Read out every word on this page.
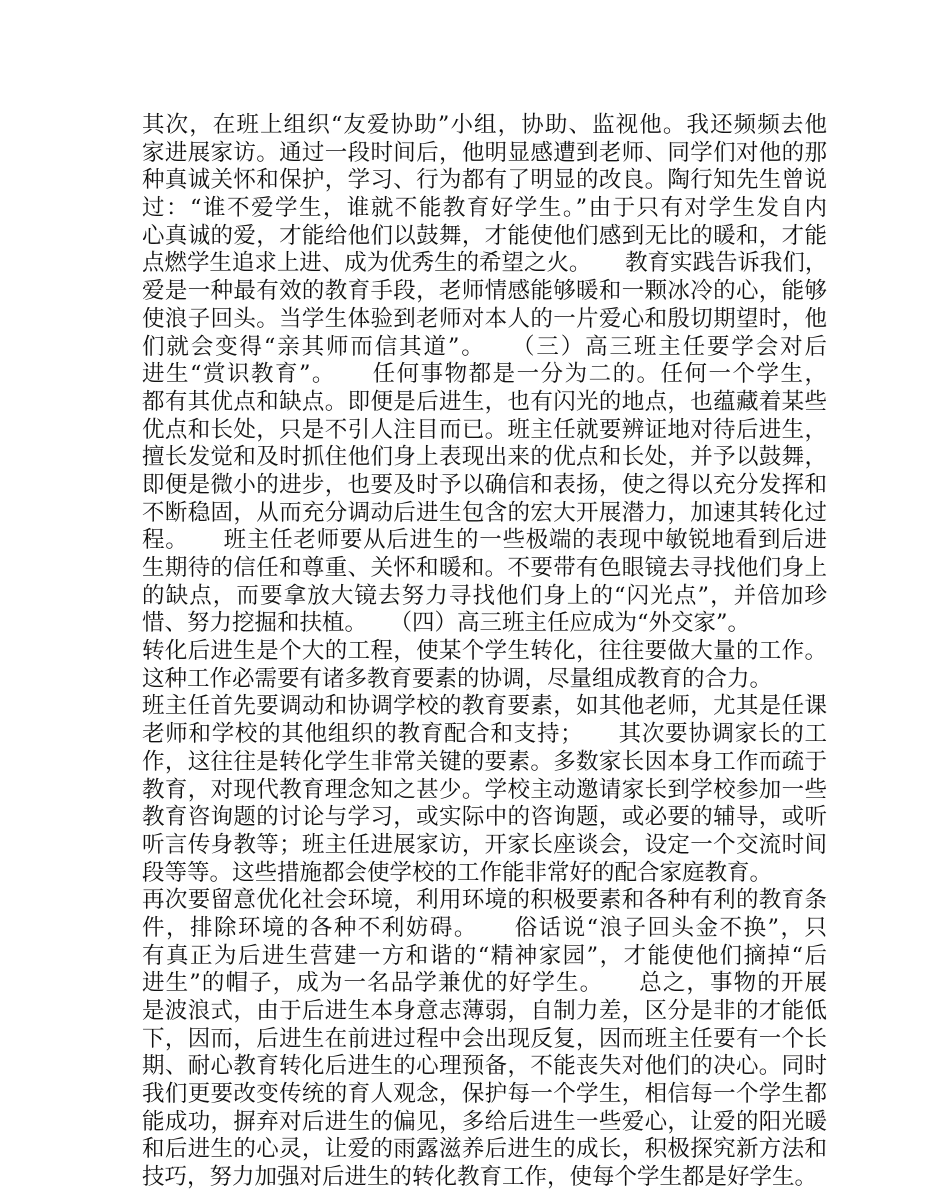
其次，在班上组织“友爱协助”小组，协助、监视他。我还频频去他
家进展家访。通过一段时间后，他明显感遭到老师、同学们对他的那
种真诚关怀和保护，学习、行为都有了明显的改良。陶行知先生曾说
过：“谁不爱学生，谁就不能教育好学生。”由于只有对学生发自内
心真诚的爱，才能给他们以鼓舞，才能使他们感到无比的暖和，才能
点燃学生追求上进、成为优秀生的希望之火。　　教育实践告诉我们，
爱是一种最有效的教育手段，老师情感能够暖和一颗冰冷的心，能够
使浪子回头。当学生体验到老师对本人的一片爱心和殷切期望时，他
们就会变得“亲其师而信其道”。　　（三）高三班主任要学会对后
进生“赏识教育”。　　任何事物都是一分为二的。任何一个学生，
都有其优点和缺点。即便是后进生，也有闪光的地点，也蕴藏着某些
优点和长处，只是不引人注目而已。班主任就要辨证地对待后进生，
擅长发觉和及时抓住他们身上表现出来的优点和长处，并予以鼓舞，
即便是微小的进步，也要及时予以确信和表扬，使之得以充分发挥和
不断稳固，从而充分调动后进生包含的宏大开展潜力，加速其转化过
程。　　班主任老师要从后进生的一些极端的表现中敏锐地看到后进
生期待的信任和尊重、关怀和暖和。不要带有色眼镜去寻找他们身上
的缺点，而要拿放大镜去努力寻找他们身上的“闪光点”，并倍加珍
惜、努力挖掘和扶植。　　（四）高三班主任应成为“外交家”。
转化后进生是个大的工程，使某个学生转化，往往要做大量的工作。
这种工作必需要有诸多教育要素的协调，尽量组成教育的合力。
班主任首先要调动和协调学校的教育要素，如其他老师，尤其是任课
老师和学校的其他组织的教育配合和支持；　　其次要协调家长的工
作，这往往是转化学生非常关键的要素。多数家长因本身工作而疏于
教育，对现代教育理念知之甚少。学校主动邀请家长到学校参加一些
教育咨询题的讨论与学习，或实际中的咨询题，或必要的辅导，或听
听言传身教等；班主任进展家访，开家长座谈会，设定一个交流时间
段等等。这些措施都会使学校的工作能非常好的配合家庭教育。
再次要留意优化社会环境，利用环境的积极要素和各种有利的教育条
件，排除环境的各种不利妨碍。　　俗话说“浪子回头金不换”，只
有真正为后进生营建一方和谐的“精神家园”，才能使他们摘掉“后
进生”的帽子，成为一名品学兼优的好学生。　　总之，事物的开展
是波浪式，由于后进生本身意志薄弱，自制力差，区分是非的才能低
下，因而，后进生在前进过程中会出现反复，因而班主任要有一个长
期、耐心教育转化后进生的心理预备，不能丧失对他们的决心。同时
我们更要改变传统的育人观念，保护每一个学生，相信每一个学生都
能成功，摒弃对后进生的偏见，多给后进生一些爱心，让爱的阳光暖
和后进生的心灵，让爱的雨露滋养后进生的成长，积极探究新方法和
技巧，努力加强对后进生的转化教育工作，使每个学生都是好学生。
